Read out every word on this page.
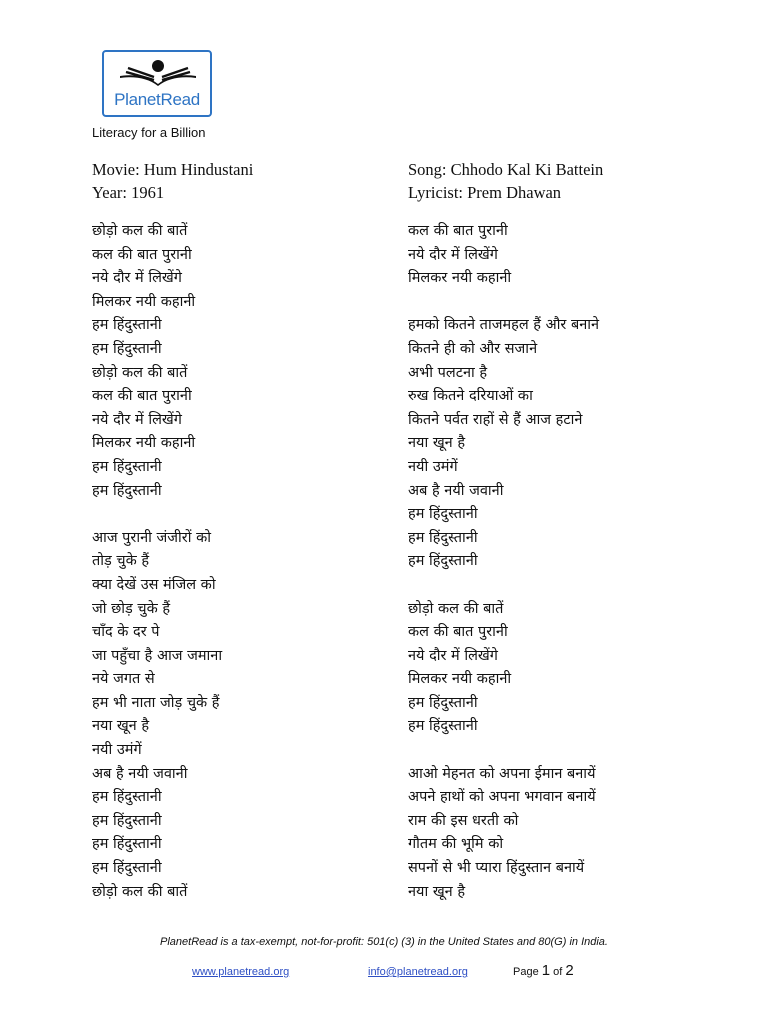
PlanetRead
Literacy for a Billion
Movie: Hum Hindustani
Year: 1961
Song: Chhodo Kal Ki Battein
Lyricist: Prem Dhawan
छोड़ो कल की बातें
कल की बात पुरानी
नये दौर में लिखेंगे
मिलकर नयी कहानी
हम हिंदुस्तानी
हम हिंदुस्तानी
छोड़ो कल की बातें
कल की बात पुरानी
नये दौर में लिखेंगे
मिलकर नयी कहानी
हम हिंदुस्तानी
हम हिंदुस्तानी
आज पुरानी जंजीरों को
तोड़ चुके हैं
क्या देखें उस मंजिल को
जो छोड़ चुके हैं
चाँद के दर पे
जा पहुँचा है आज जमाना
नये जगत से
हम भी नाता जोड़ चुके हैं
नया खून है
नयी उमंगें
अब है नयी जवानी
हम हिंदुस्तानी
हम हिंदुस्तानी
हम हिंदुस्तानी
हम हिंदुस्तानी
छोड़ो कल की बातें
कल की बात पुरानी
नये दौर में लिखेंगे
मिलकर नयी कहानी
हमको कितने ताजमहल हैं और बनाने
कितने ही को और सजाने
अभी पलटना है
रुख कितने दरियाओं का
कितने पर्वत राहों से हैं आज हटाने
नया खून है
नयी उमंगें
अब है नयी जवानी
हम हिंदुस्तानी
हम हिंदुस्तानी
हम हिंदुस्तानी
छोड़ो कल की बातें
कल की बात पुरानी
नये दौर में लिखेंगे
मिलकर नयी कहानी
हम हिंदुस्तानी
हम हिंदुस्तानी
आओ मेहनत को अपना ईमान बनायें
अपने हाथों को अपना भगवान बनायें
राम की इस धरती को
गौतम की भूमि को
सपनों से भी प्यारा हिंदुस्तान बनायें
नया खून है
PlanetRead is a tax-exempt, not-for-profit: 501(c) (3) in the United States and 80(G) in India.
www.planetread.org	info@planetread.org	Page 1 of 2
